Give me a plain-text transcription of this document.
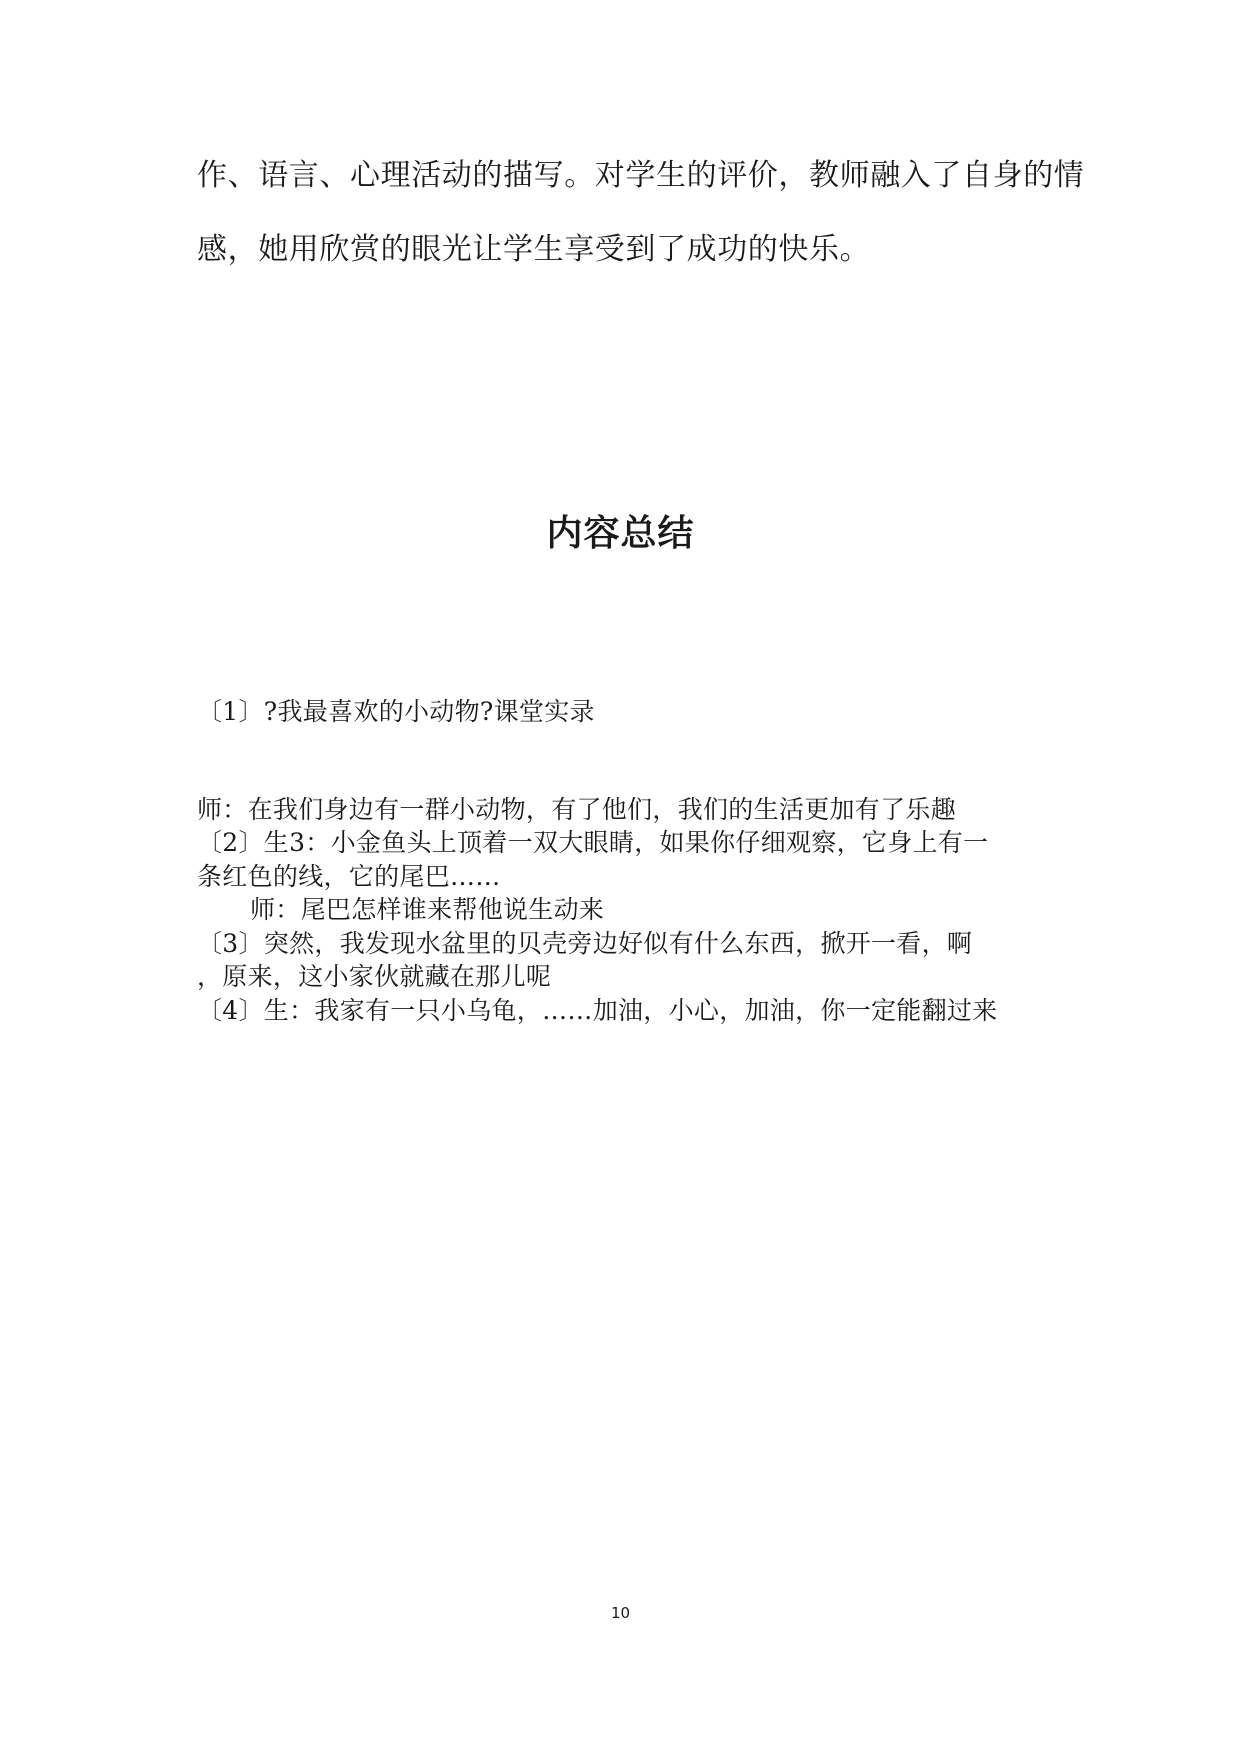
作、语言、心理活动的描写。对学生的评价，教师融入了自身的情
感，她用欣赏的眼光让学生享受到了成功的快乐。
内容总结
〔1〕?我最喜欢的小动物?课堂实录
师：在我们身边有一群小动物，有了他们，我们的生活更加有了乐趣
〔2〕生3：小金鱼头上顶着一双大眼睛，如果你仔细观察，它身上有一
条红色的线，它的尾巴……
师：尾巴怎样谁来帮他说生动来
〔3〕突然，我发现水盆里的贝壳旁边好似有什么东西，掀开一看，啊
，原来，这小家伙就藏在那儿呢
〔4〕生：我家有一只小乌龟，……加油，小心，加油，你一定能翻过来
10
